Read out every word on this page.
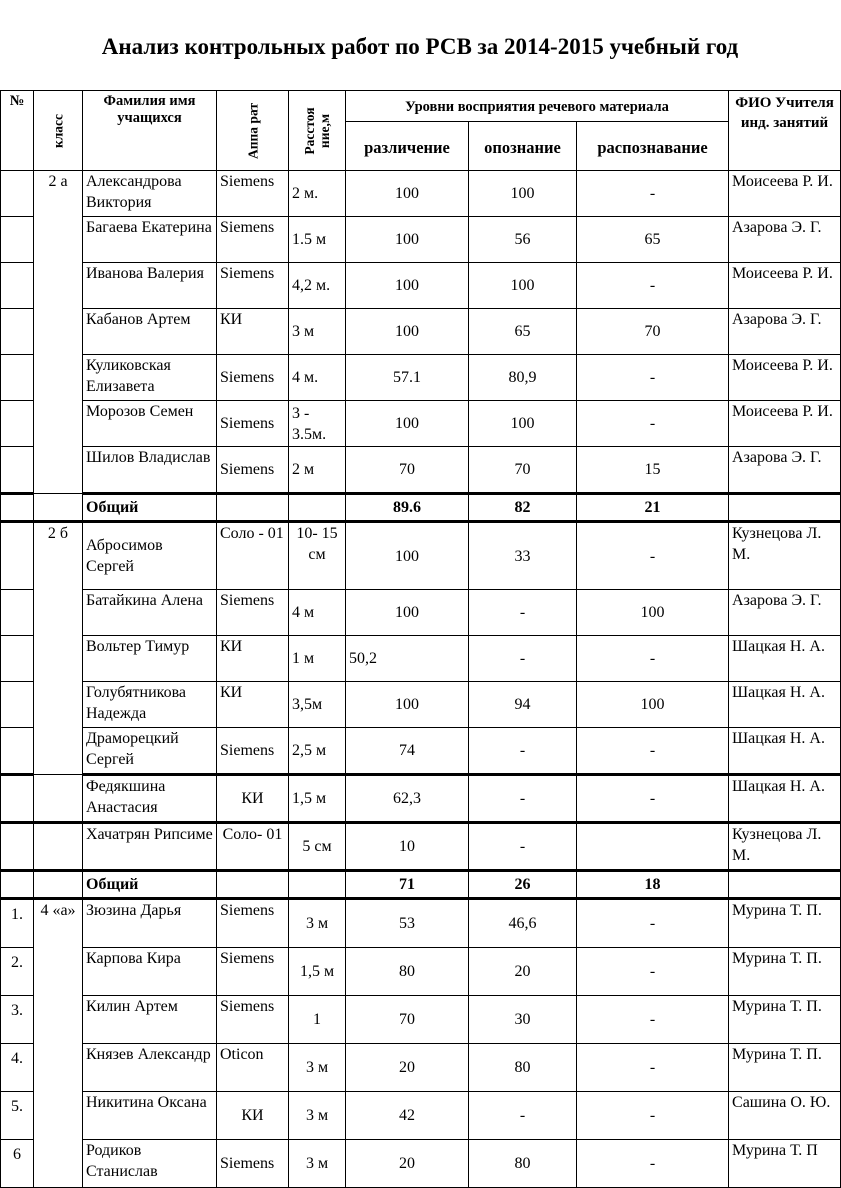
Анализ контрольных работ по РСВ за 2014-2015 учебный год
№	класс	Фамилия имя учащихся	Аппа рат	Расстоя ние,м	Уровни восприятия речевого материала			ФИО Учителя инд. занятий
					различение	опознание	распознавание	
	2 а	Александрова Виктория	Siemens	2 м.	100	100	-	Моисеева Р. И.
		Багаева Екатерина	Siemens	1.5 м	100	56	65	Азарова Э. Г.
		Иванова Валерия	Siemens	4,2 м.	100	100	-	Моисеева Р. И.
		Кабанов Артем	КИ	3 м	100	65	70	Азарова Э. Г.
		Куликовская Елизавета	Siemens	4 м.	57.1	80,9	-	Моисеева Р. И.
		Морозов Семен	Siemens	3 - 3.5м.	100	100	-	Моисеева Р. И.
		Шилов Владислав	Siemens	2 м	70	70	15	Азарова Э. Г.
		Общий			89.6	82	21	
	2 б	Абросимов Сергей	Соло - 01	10- 15 см	100	33	-	Кузнецова Л. М.
		Батайкина Алена	Siemens	4 м	100	-	100	Азарова Э. Г.
		Вольтер Тимур	КИ	1 м	50,2	-	-	Шацкая Н. А.
		Голубятникова Надежда	КИ	3,5м	100	94	100	Шацкая Н. А.
		Драморецкий Сергей	Siemens	2,5 м	74	-	-	Шацкая Н. А.
		Федякшина Анастасия	КИ	1,5 м	62,3	-	-	Шацкая Н. А.
		Хачатрян Рипсиме	Соло- 01	5 см	10	-		Кузнецова Л. М.
		Общий			71	26	18	
1.	4 «а»	Зюзина Дарья	Siemens	3 м	53	46,6	-	Мурина Т. П.
2.		Карпова Кира	Siemens	1,5 м	80	20	-	Мурина Т. П.
3.		Килин Артем	Siemens	1	70	30	-	Мурина Т. П.
4.		Князев Александр	Oticon	3 м	20	80	-	Мурина Т. П.
5.		Никитина Оксана	КИ	3 м	42	-	-	Сашина О. Ю.
6		Родиков Станислав	Siemens	3 м	20	80	-	Мурина Т. П
